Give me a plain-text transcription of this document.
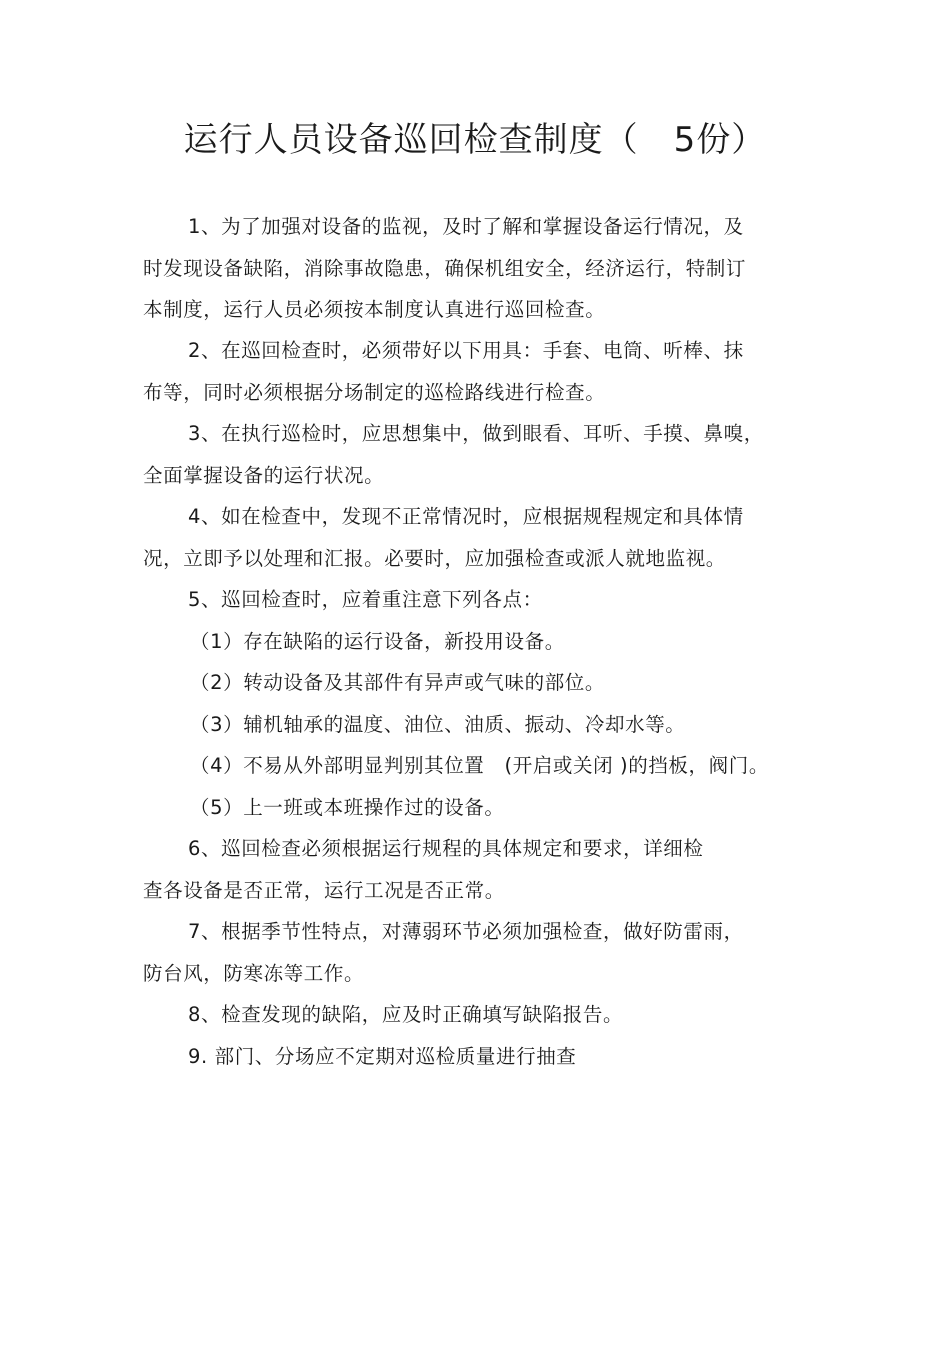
运行人员设备巡回检查制度（　5份）
1、为了加强对设备的监视，及时了解和掌握设备运行情况，及
时发现设备缺陷，消除事故隐患，确保机组安全，经济运行，特制订
本制度，运行人员必须按本制度认真进行巡回检查。
2、在巡回检查时，必须带好以下用具：手套、电筒、听棒、抹
布等，同时必须根据分场制定的巡检路线进行检查。
3、在执行巡检时，应思想集中，做到眼看、耳听、手摸、鼻嗅，
全面掌握设备的运行状况。
4、如在检查中，发现不正常情况时，应根据规程规定和具体情
况，立即予以处理和汇报。必要时，应加强检查或派人就地监视。
5、巡回检查时，应着重注意下列各点：
（1）存在缺陷的运行设备，新投用设备。
（2）转动设备及其部件有异声或气味的部位。
（3）辅机轴承的温度、油位、油质、振动、冷却水等。
（4）不易从外部明显判别其位置　(开启或关闭 )的挡板，阀门。
（5）上一班或本班操作过的设备。
6、巡回检查必须根据运行规程的具体规定和要求，详细检
查各设备是否正常，运行工况是否正常。
7、根据季节性特点，对薄弱环节必须加强检查，做好防雷雨，
防台风，防寒冻等工作。
8、检查发现的缺陷，应及时正确填写缺陷报告。
9. 部门、分场应不定期对巡检质量进行抽查
